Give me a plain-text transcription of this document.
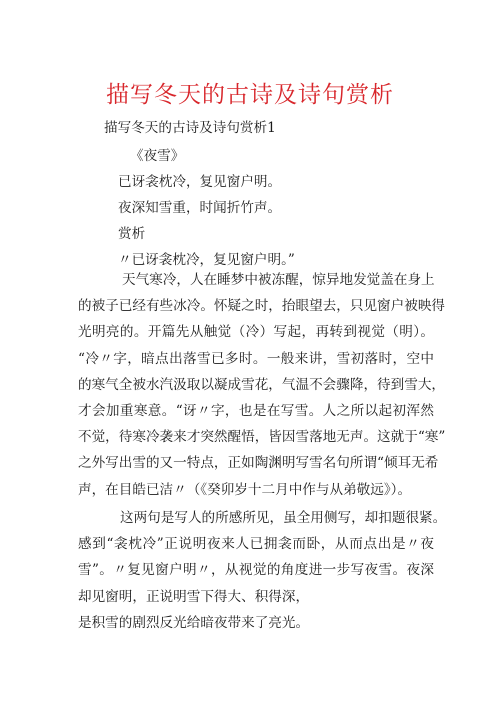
描写冬天的古诗及诗句赏析
描写冬天的古诗及诗句赏析1
《夜雪》
已讶衾枕冷，复见窗户明。
夜深知雪重，时闻折竹声。
赏析
〃已讶衾枕冷，复见窗户明。”
天气寒冷，人在睡梦中被冻醒，惊异地发觉盖在身上
的被子已经有些冰冷。怀疑之时，抬眼望去，只见窗户被映得
光明亮的。开篇先从触觉（冷）写起，再转到视觉（明）。
“冷〃字，暗点出落雪已多时。一般来讲，雪初落时，空中
的寒气全被水汽汲取以凝成雪花，气温不会骤降，待到雪大，
才会加重寒意。“讶〃字，也是在写雪。人之所以起初浑然
不觉，待寒冷袭来才突然醒悟，皆因雪落地无声。这就于“寒”
之外写出雪的又一特点，正如陶渊明写雪名句所谓“倾耳无希
声，在目皓已洁〃（《癸卯岁十二月中作与从弟敬远》）。
这两句是写人的所感所见，虽全用侧写，却扣题很紧。
感到“衾枕冷”正说明夜来人已拥衾而卧，从而点出是〃夜
雪”。〃复见窗户明〃，从视觉的角度进一步写夜雪。夜深
却见窗明，正说明雪下得大、积得深，
是积雪的剧烈反光给暗夜带来了亮光。
